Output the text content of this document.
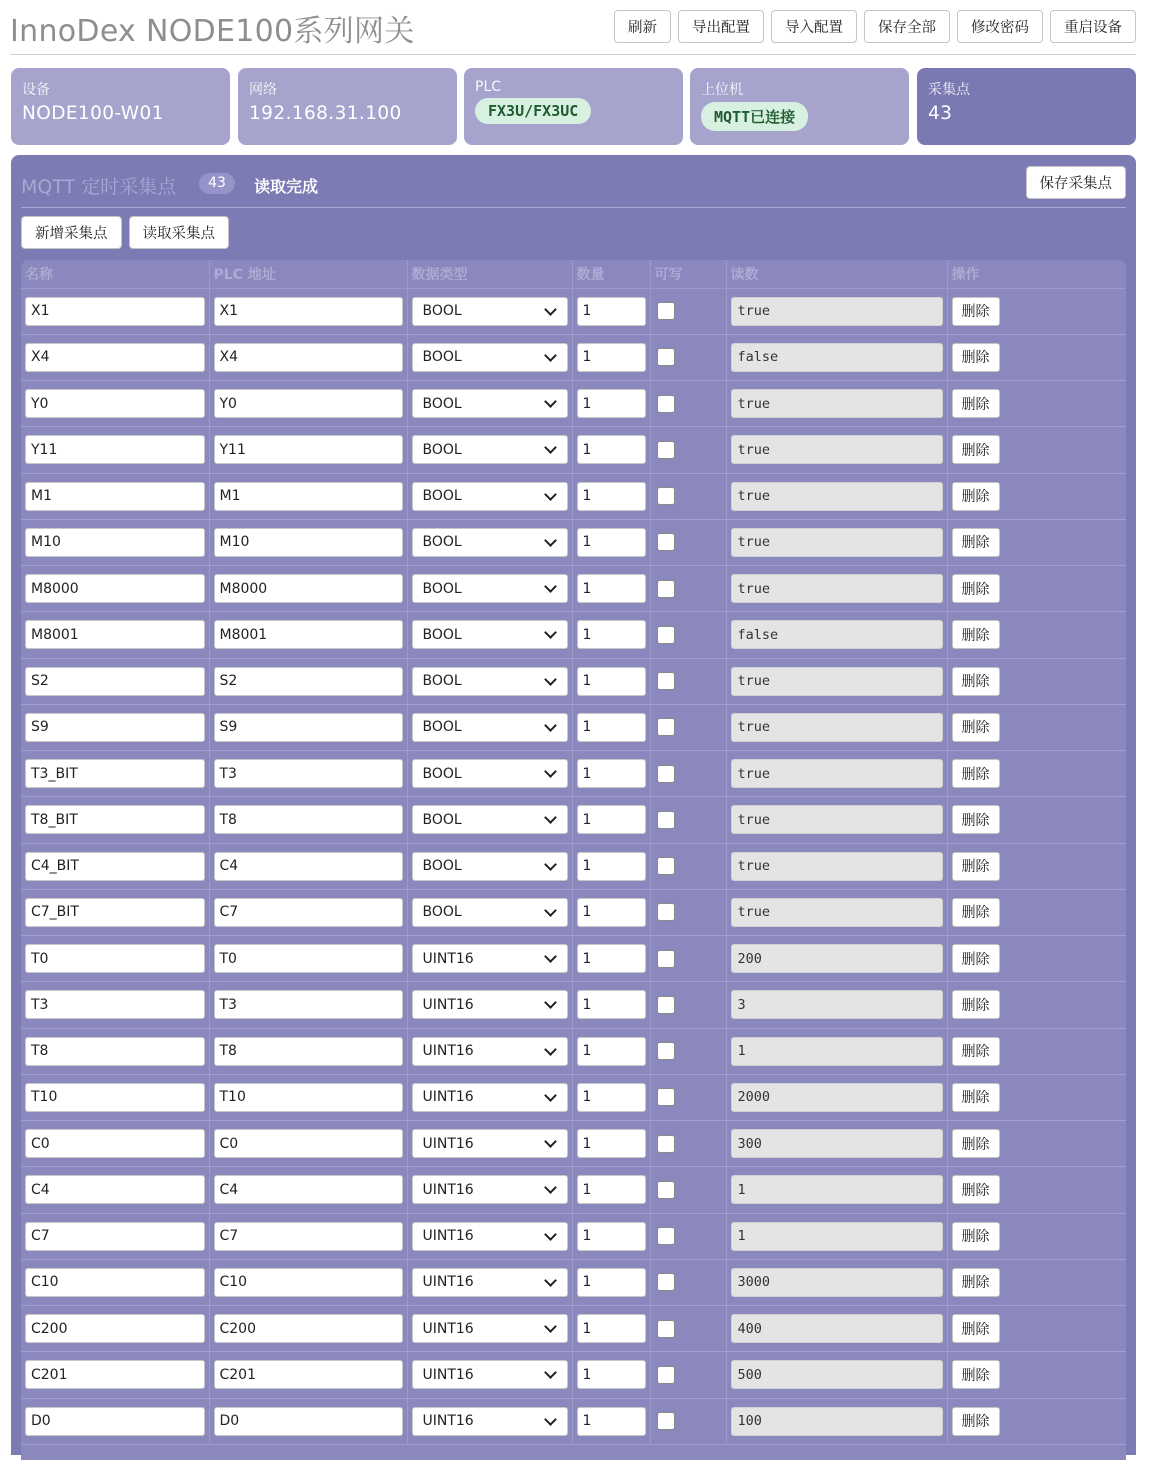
InnoDex NODE100系列网关	刷新	导出配置	导入配置	保存全部	修改密码	重启设备
设备
NODE100-W01
网络
192.168.31.100
PLC
FX3U/FX3UC
上位机
MQTT已连接
采集点
43
MQTT 定时采集点	43	读取完成	保存采集点
新增采集点	读取采集点
名称	PLC 地址	数据类型	数量	可写	读数	操作

X1	X1	BOOL	1		true	删除

X4	X4	BOOL	1		false	删除

Y0	Y0	BOOL	1		true	删除

Y11	Y11	BOOL	1		true	删除

M1	M1	BOOL	1		true	删除

M10	M10	BOOL	1		true	删除

M8000	M8000	BOOL	1		true	删除

M8001	M8001	BOOL	1		false	删除

S2	S2	BOOL	1		true	删除

S9	S9	BOOL	1		true	删除

T3_BIT	T3	BOOL	1		true	删除

T8_BIT	T8	BOOL	1		true	删除

C4_BIT	C4	BOOL	1		true	删除

C7_BIT	C7	BOOL	1		true	删除

T0	T0	UINT16	1		200	删除

T3	T3	UINT16	1		3	删除

T8	T8	UINT16	1		1	删除

T10	T10	UINT16	1		2000	删除

C0	C0	UINT16	1		300	删除

C4	C4	UINT16	1		1	删除

C7	C7	UINT16	1		1	删除

C10	C10	UINT16	1		3000	删除

C200	C200	UINT16	1		400	删除

C201	C201	UINT16	1		500	删除

D0	D0	UINT16	1		100	删除
